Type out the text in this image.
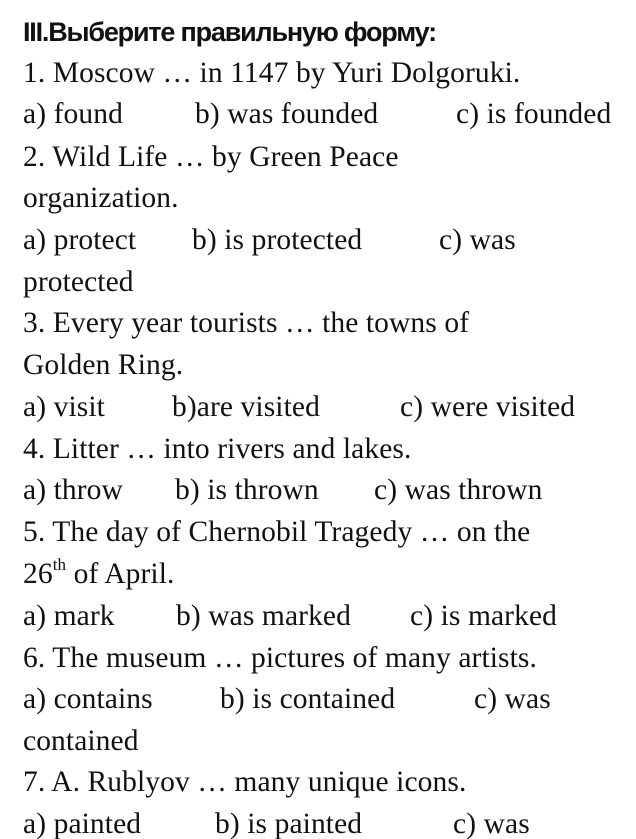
III.Выберите правильную форму:
1. Moscow … in 1147 by Yuri Dolgoruki.
a) found b) was founded	c) is founded
2. Wild Life … by Green Peace
organization.
a) protect b) is protected	c) was
protected
3. Every year tourists … the towns of
Golden Ring.
a) visit b)are visited	c) were visited
4. Litter … into rivers and lakes.
a) throw b) is thrown c) was thrown
5. The day of Chernobil Tragedy … on the
26th of April.
a) mark b) was marked c) is marked
6. The museum … pictures of many artists.
a) contains b) is contained	c) was
contained
7. A. Rublyov … many unique icons.
a) painted	b) is painted	c) was
